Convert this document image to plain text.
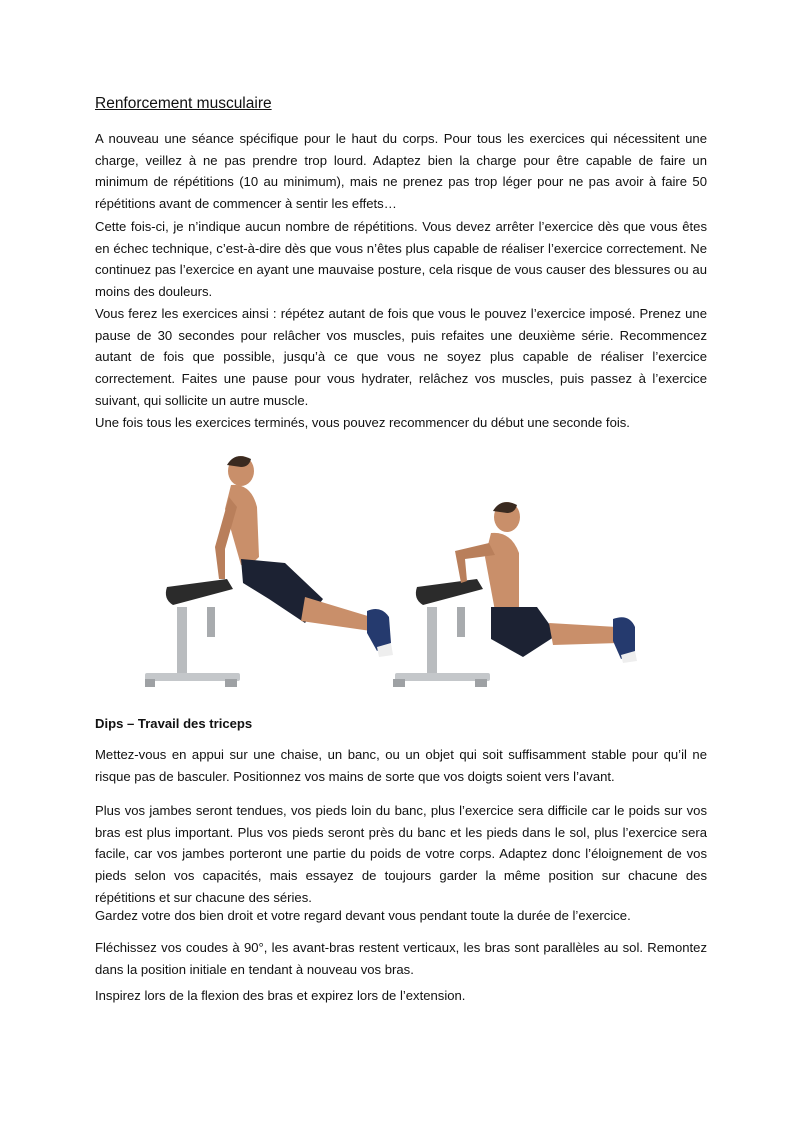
Renforcement musculaire

A nouveau une séance spécifique pour le haut du corps. Pour tous les exercices qui nécessitent une charge, veillez à ne pas prendre trop lourd. Adaptez bien la charge pour être capable de faire un minimum de répétitions (10 au minimum), mais ne prenez pas trop léger pour ne pas avoir à faire 50 répétitions avant de commencer à sentir les effets…

Cette fois-ci, je n’indique aucun nombre de répétitions. Vous devez arrêter l’exercice dès que vous êtes en échec technique, c’est-à-dire dès que vous n’êtes plus capable de réaliser l’exercice correctement. Ne continuez pas l’exercice en ayant une mauvaise posture, cela risque de vous causer des blessures ou au moins des douleurs.

Vous ferez les exercices ainsi : répétez autant de fois que vous le pouvez l’exercice imposé. Prenez une pause de 30 secondes pour relâcher vos muscles, puis refaites une deuxième série. Recommencez autant de fois que possible, jusqu’à ce que vous ne soyez plus capable de réaliser l’exercice correctement. Faites une pause pour vous hydrater, relâchez vos muscles, puis passez à l’exercice suivant, qui sollicite un autre muscle.

Une fois tous les exercices terminés, vous pouvez recommencer du début une seconde fois.

Dips – Travail des triceps

Mettez-vous en appui sur une chaise, un banc, ou un objet qui soit suffisamment stable pour qu’il ne risque pas de basculer. Positionnez vos mains de sorte que vos doigts soient vers l’avant.

Plus vos jambes seront tendues, vos pieds loin du banc, plus l’exercice sera difficile car le poids sur vos bras est plus important. Plus vos pieds seront près du banc et les pieds dans le sol, plus l’exercice sera facile, car vos jambes porteront une partie du poids de votre corps. Adaptez donc l’éloignement de vos pieds selon vos capacités, mais essayez de toujours garder la même position sur chacune des répétitions et sur chacune des séries.

Gardez votre dos bien droit et votre regard devant vous pendant toute la durée de l’exercice.

Fléchissez vos coudes à 90°, les avant-bras restent verticaux, les bras sont parallèles au sol. Remontez dans la position initiale en tendant à nouveau vos bras.

Inspirez lors de la flexion des bras et expirez lors de l’extension.
